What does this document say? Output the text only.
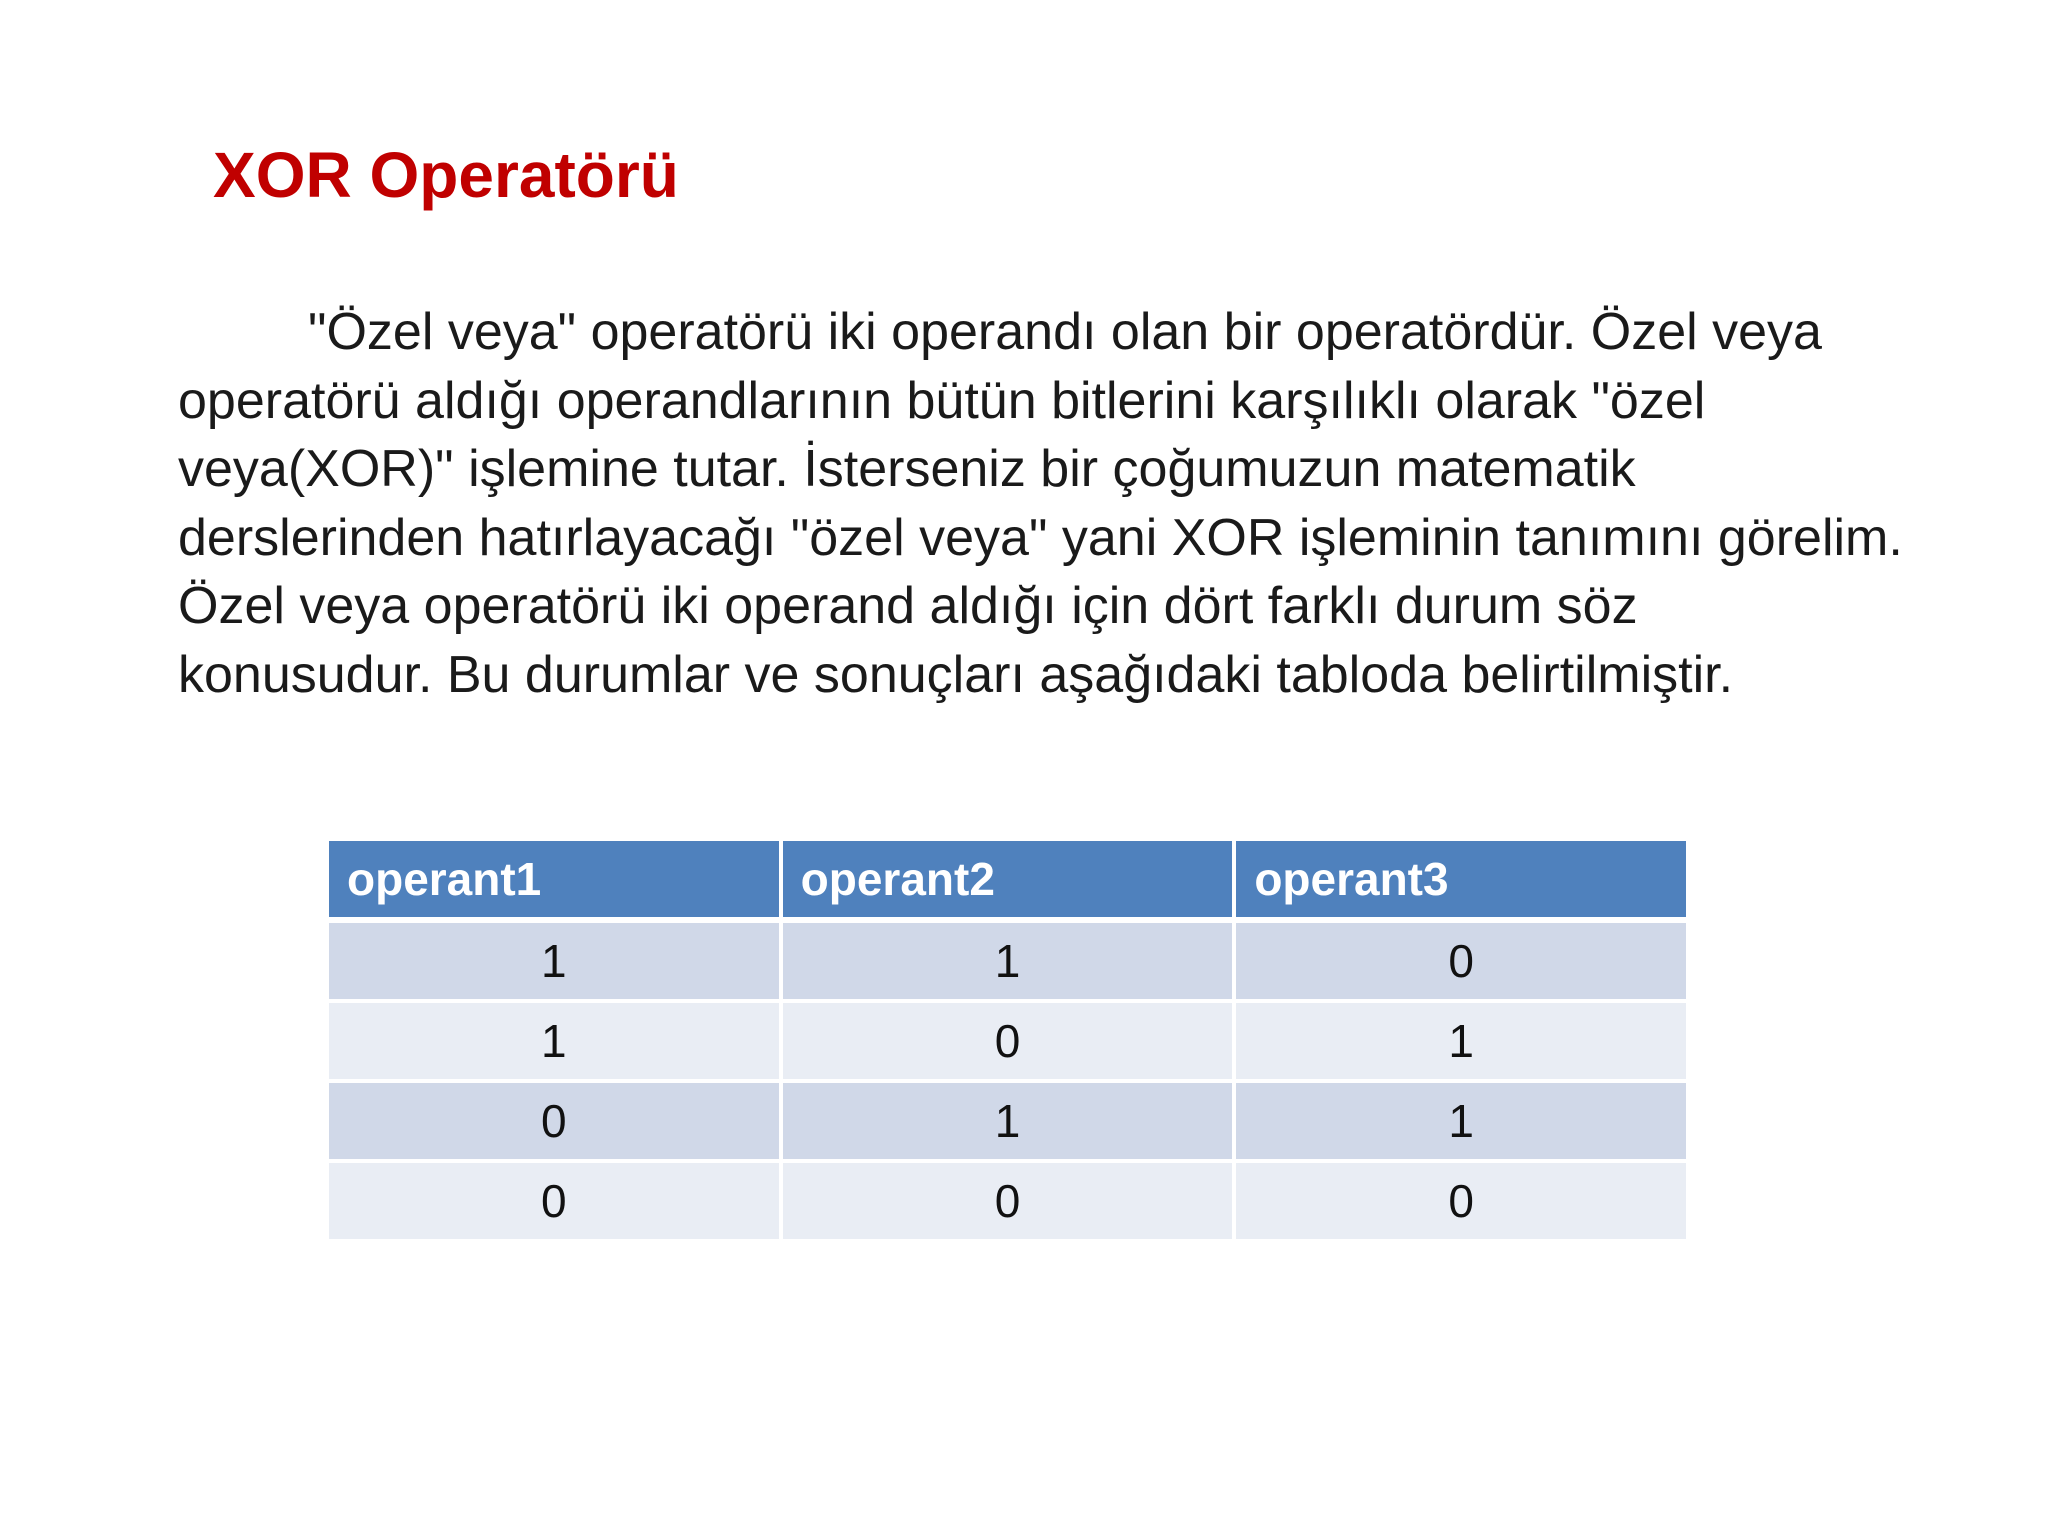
XOR Operatörü

"Özel veya" operatörü iki operandı olan bir operatördür. Özel veya
operatörü aldığı operandlarının bütün bitlerini karşılıklı olarak "özel
veya(XOR)" işlemine tutar. İsterseniz bir çoğumuzun matematik
derslerinden hatırlayacağı "özel veya" yani XOR işleminin tanımını görelim.
Özel veya operatörü iki operand aldığı için dört farklı durum söz
konusudur. Bu durumlar ve sonuçları aşağıdaki tabloda belirtilmiştir.

operant1	operant2	operant3
1	1	0
1	0	1
0	1	1
0	0	0
